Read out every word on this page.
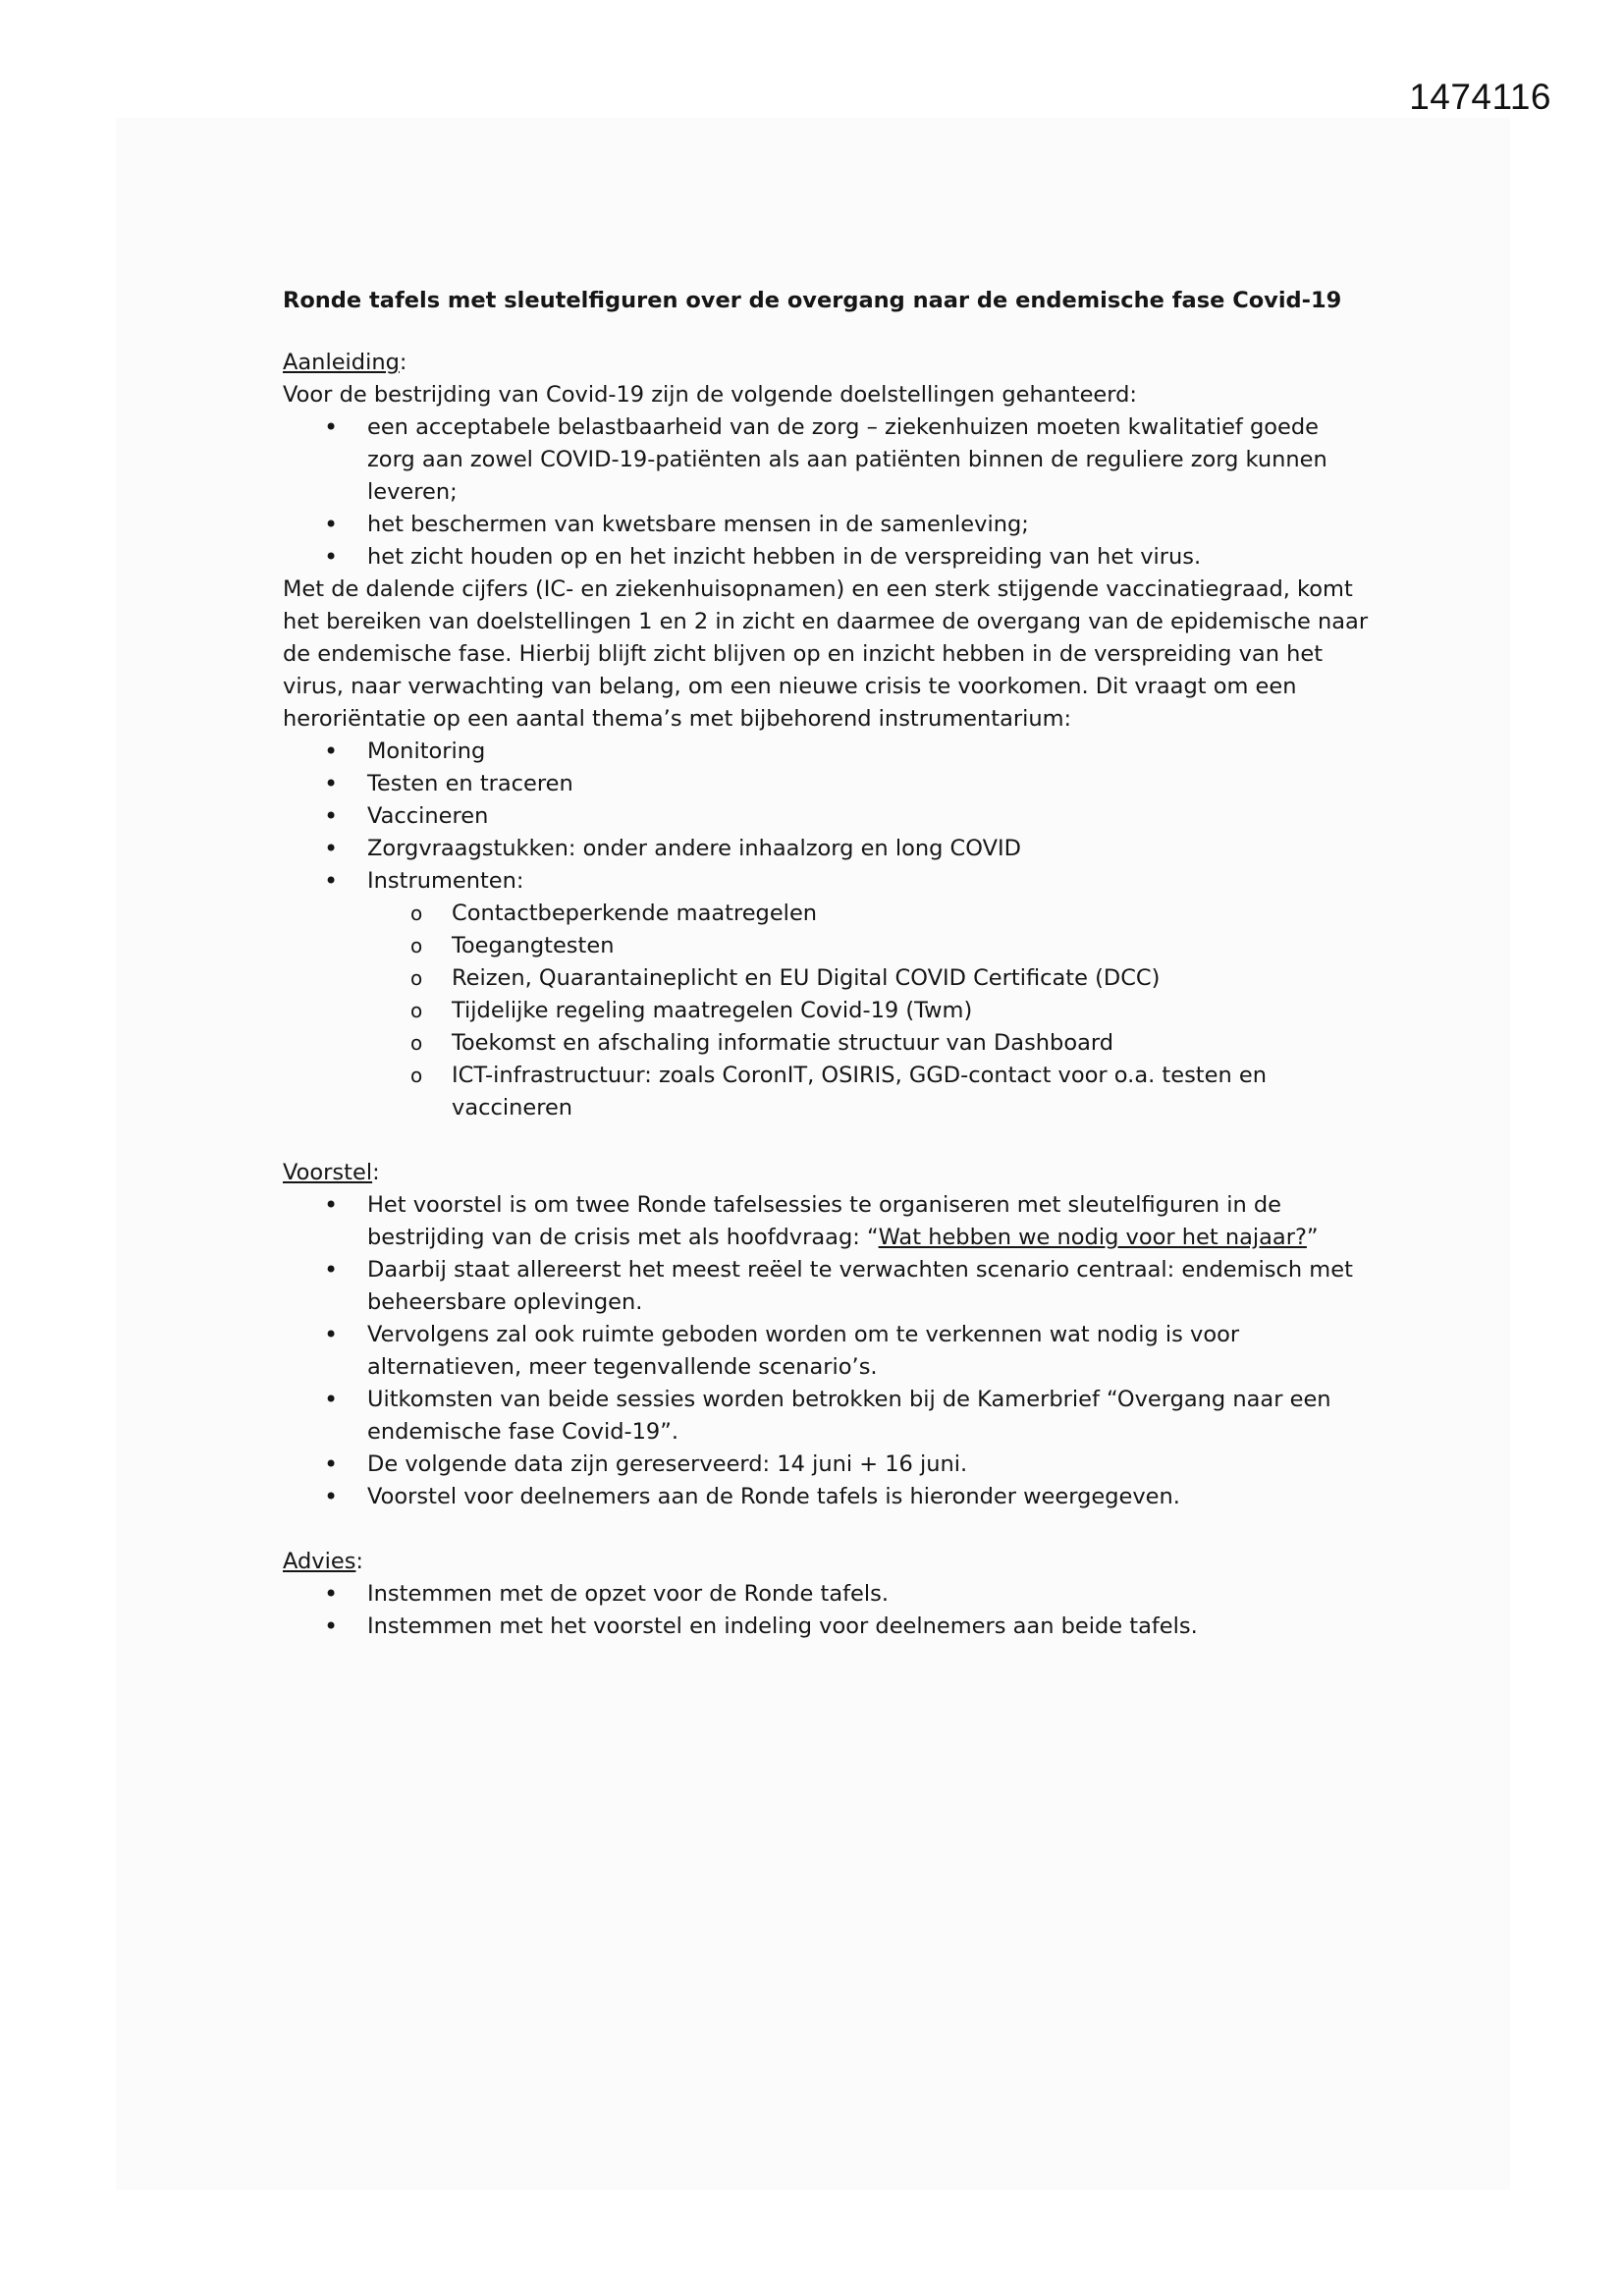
1474116

Ronde tafels met sleutelfiguren over de overgang naar de endemische fase Covid-19

Aanleiding:

Voor de bestrijding van Covid-19 zijn de volgende doelstellingen gehanteerd:

• een acceptabele belastbaarheid van de zorg – ziekenhuizen moeten kwalitatief goede zorg aan zowel COVID-19-patiënten als aan patiënten binnen de reguliere zorg kunnen leveren;
• het beschermen van kwetsbare mensen in de samenleving;
• het zicht houden op en het inzicht hebben in de verspreiding van het virus.

Met de dalende cijfers (IC- en ziekenhuisopnamen) en een sterk stijgende vaccinatiegraad, komt het bereiken van doelstellingen 1 en 2 in zicht en daarmee de overgang van de epidemische naar de endemische fase. Hierbij blijft zicht blijven op en inzicht hebben in de verspreiding van het virus, naar verwachting van belang, om een nieuwe crisis te voorkomen. Dit vraagt om een heroriëntatie op een aantal thema’s met bijbehorend instrumentarium:

• Monitoring
• Testen en traceren
• Vaccineren
• Zorgvraagstukken: onder andere inhaalzorg en long COVID
• Instrumenten:
o Contactbeperkende maatregelen
o Toegangtesten
o Reizen, Quarantaineplicht en EU Digital COVID Certificate (DCC)
o Tijdelijke regeling maatregelen Covid-19 (Twm)
o Toekomst en afschaling informatie structuur van Dashboard
o ICT-infrastructuur: zoals CoronIT, OSIRIS, GGD-contact voor o.a. testen en vaccineren

Voorstel:

• Het voorstel is om twee Ronde tafelsessies te organiseren met sleutelfiguren in de bestrijding van de crisis met als hoofdvraag: “Wat hebben we nodig voor het najaar?”
• Daarbij staat allereerst het meest reëel te verwachten scenario centraal: endemisch met beheersbare oplevingen.
• Vervolgens zal ook ruimte geboden worden om te verkennen wat nodig is voor alternatieven, meer tegenvallende scenario’s.
• Uitkomsten van beide sessies worden betrokken bij de Kamerbrief “Overgang naar een endemische fase Covid-19”.
• De volgende data zijn gereserveerd: 14 juni + 16 juni.
• Voorstel voor deelnemers aan de Ronde tafels is hieronder weergegeven.

Advies:

• Instemmen met de opzet voor de Ronde tafels.
• Instemmen met het voorstel en indeling voor deelnemers aan beide tafels.
